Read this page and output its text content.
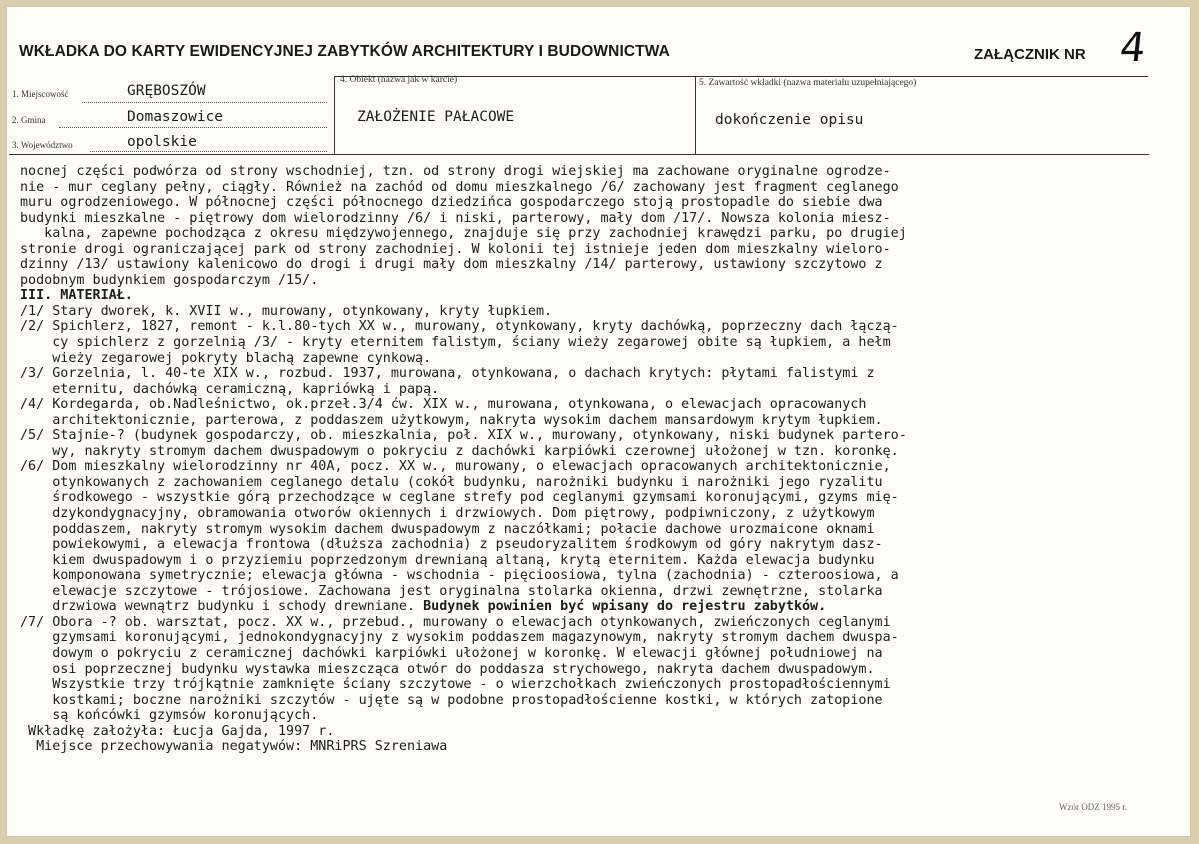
WKŁADKA DO KARTY EWIDENCYJNEJ ZABYTKÓW ARCHITEKTURY I BUDOWNICTWA	ZAŁĄCZNIK NR 4
1. Miejscowość	GRĘBOSZÓW
2. Gmina	Domaszowice
3. Województwo	opolskie
4. Obiekt (nazwa jak w karcie)
ZAŁOŻENIE PAŁACOWE
5. Zawartość wkładki (nazwa materiału uzupełniającego)
dokończenie opisu
nocnej części podwórza od strony wschodniej, tzn. od strony drogi wiejskiej ma zachowane oryginalne ogrodze-
nie - mur ceglany pełny, ciągły. Również na zachód od domu mieszkalnego /6/ zachowany jest fragment ceglanego
muru ogrodzeniowego. W północnej części północnego dziedzińca gospodarczego stoją prostopadle do siebie dwa
budynki mieszkalne - piętrowy dom wielorodzinny /6/ i niski, parterowy, mały dom /17/. Nowsza kolonia miesz-
kalna, zapewne pochodząca z okresu międzywojennego, znajduje się przy zachodniej krawędzi parku, po drugiej
stronie drogi ograniczającej park od strony zachodniej. W kolonii tej istnieje jeden dom mieszkalny wieloro-
dzinny /13/ ustawiony kalenicowo do drogi i drugi mały dom mieszkalny /14/ parterowy, ustawiony szczytowo z
podobnym budynkiem gospodarczym /15/.
III. MATERIAŁ.
/1/ Stary dworek, k. XVII w., murowany, otynkowany, kryty łupkiem.
/2/ Spichlerz, 1827, remont - k.l.80-tych XX w., murowany, otynkowany, kryty dachówką, poprzeczny dach łączą-
cy spichlerz z gorzelnią /3/ - kryty eternitem falistym, ściany wieży zegarowej obite są łupkiem, a hełm
wieży zegarowej pokryty blachą zapewne cynkową.
/3/ Gorzelnia, l. 40-te XIX w., rozbud. 1937, murowana, otynkowana, o dachach krytych: płytami falistymi z
eternitu, dachówką ceramiczną, kapriówką i papą.
/4/ Kordegarda, ob.Nadleśnictwo, ok.przeł.3/4 ćw. XIX w., murowana, otynkowana, o elewacjach opracowanych
architektonicznie, parterowa, z poddaszem użytkowym, nakryta wysokim dachem mansardowym krytym łupkiem.
/5/ Stajnie-? (budynek gospodarczy, ob. mieszkalnia, poł. XIX w., murowany, otynkowany, niski budynek partero-
wy, nakryty stromym dachem dwuspadowym o pokryciu z dachówki karpiówki czerownej ułożonej w tzn. koronkę.
/6/ Dom mieszkalny wielorodzinny nr 40A, pocz. XX w., murowany, o elewacjach opracowanych architektonicznie,
otynkowanych z zachowaniem ceglanego detalu (cokół budynku, narożniki budynku i narożniki jego ryzalitu
środkowego - wszystkie górą przechodzące w ceglane strefy pod ceglanymi gzymsami koronującymi, gzyms mię-
dzykondygnacyjny, obramowania otworów okiennych i drzwiowych. Dom piętrowy, podpiwniczony, z użytkowym
poddaszem, nakryty stromym wysokim dachem dwuspadowym z naczółkami; połacie dachowe urozmaicone oknami
powiekowymi, a elewacja frontowa (dłuższa zachodnia) z pseudoryzalitem środkowym od góry nakrytym dasz-
kiem dwuspadowym i o przyziemiu poprzedzonym drewnianą altaną, krytą eternitem. Każda elewacja budynku
komponowana symetrycznie; elewacja główna - wschodnia - pięcioosiowa, tylna (zachodnia) - czteroosiowa, a
elewacje szczytowe - trójosiowe. Zachowana jest oryginalna stolarka okienna, drzwi zewnętrzne, stolarka
drzwiowa wewnątrz budynku i schody drewniane. Budynek powinien być wpisany do rejestru zabytków.
/7/ Obora -? ob. warsztat, pocz. XX w., przebud., murowany o elewacjach otynkowanych, zwieńczonych ceglanymi
gzymsami koronującymi, jednokondygnacyjny z wysokim poddaszem magazynowym, nakryty stromym dachem dwuspa-
dowym o pokryciu z ceramicznej dachówki karpiówki ułożonej w koronkę. W elewacji głównej południowej na
osi poprzecznej budynku wystawka mieszcząca otwór do poddasza strychowego, nakryta dachem dwuspadowym.
Wszystkie trzy trójkątnie zamknięte ściany szczytowe - o wierzchołkach zwieńczonych prostopadłościennymi
kostkami; boczne narożniki szczytów - ujęte są w podobne prostopadłościenne kostki, w których zatopione
są końcówki gzymsów koronujących.
Wkładkę założyła: Łucja Gajda, 1997 r.
Miejsce przechowywania negatywów: MNRiPRS Szreniawa
Wzór ODZ 1995 r.
